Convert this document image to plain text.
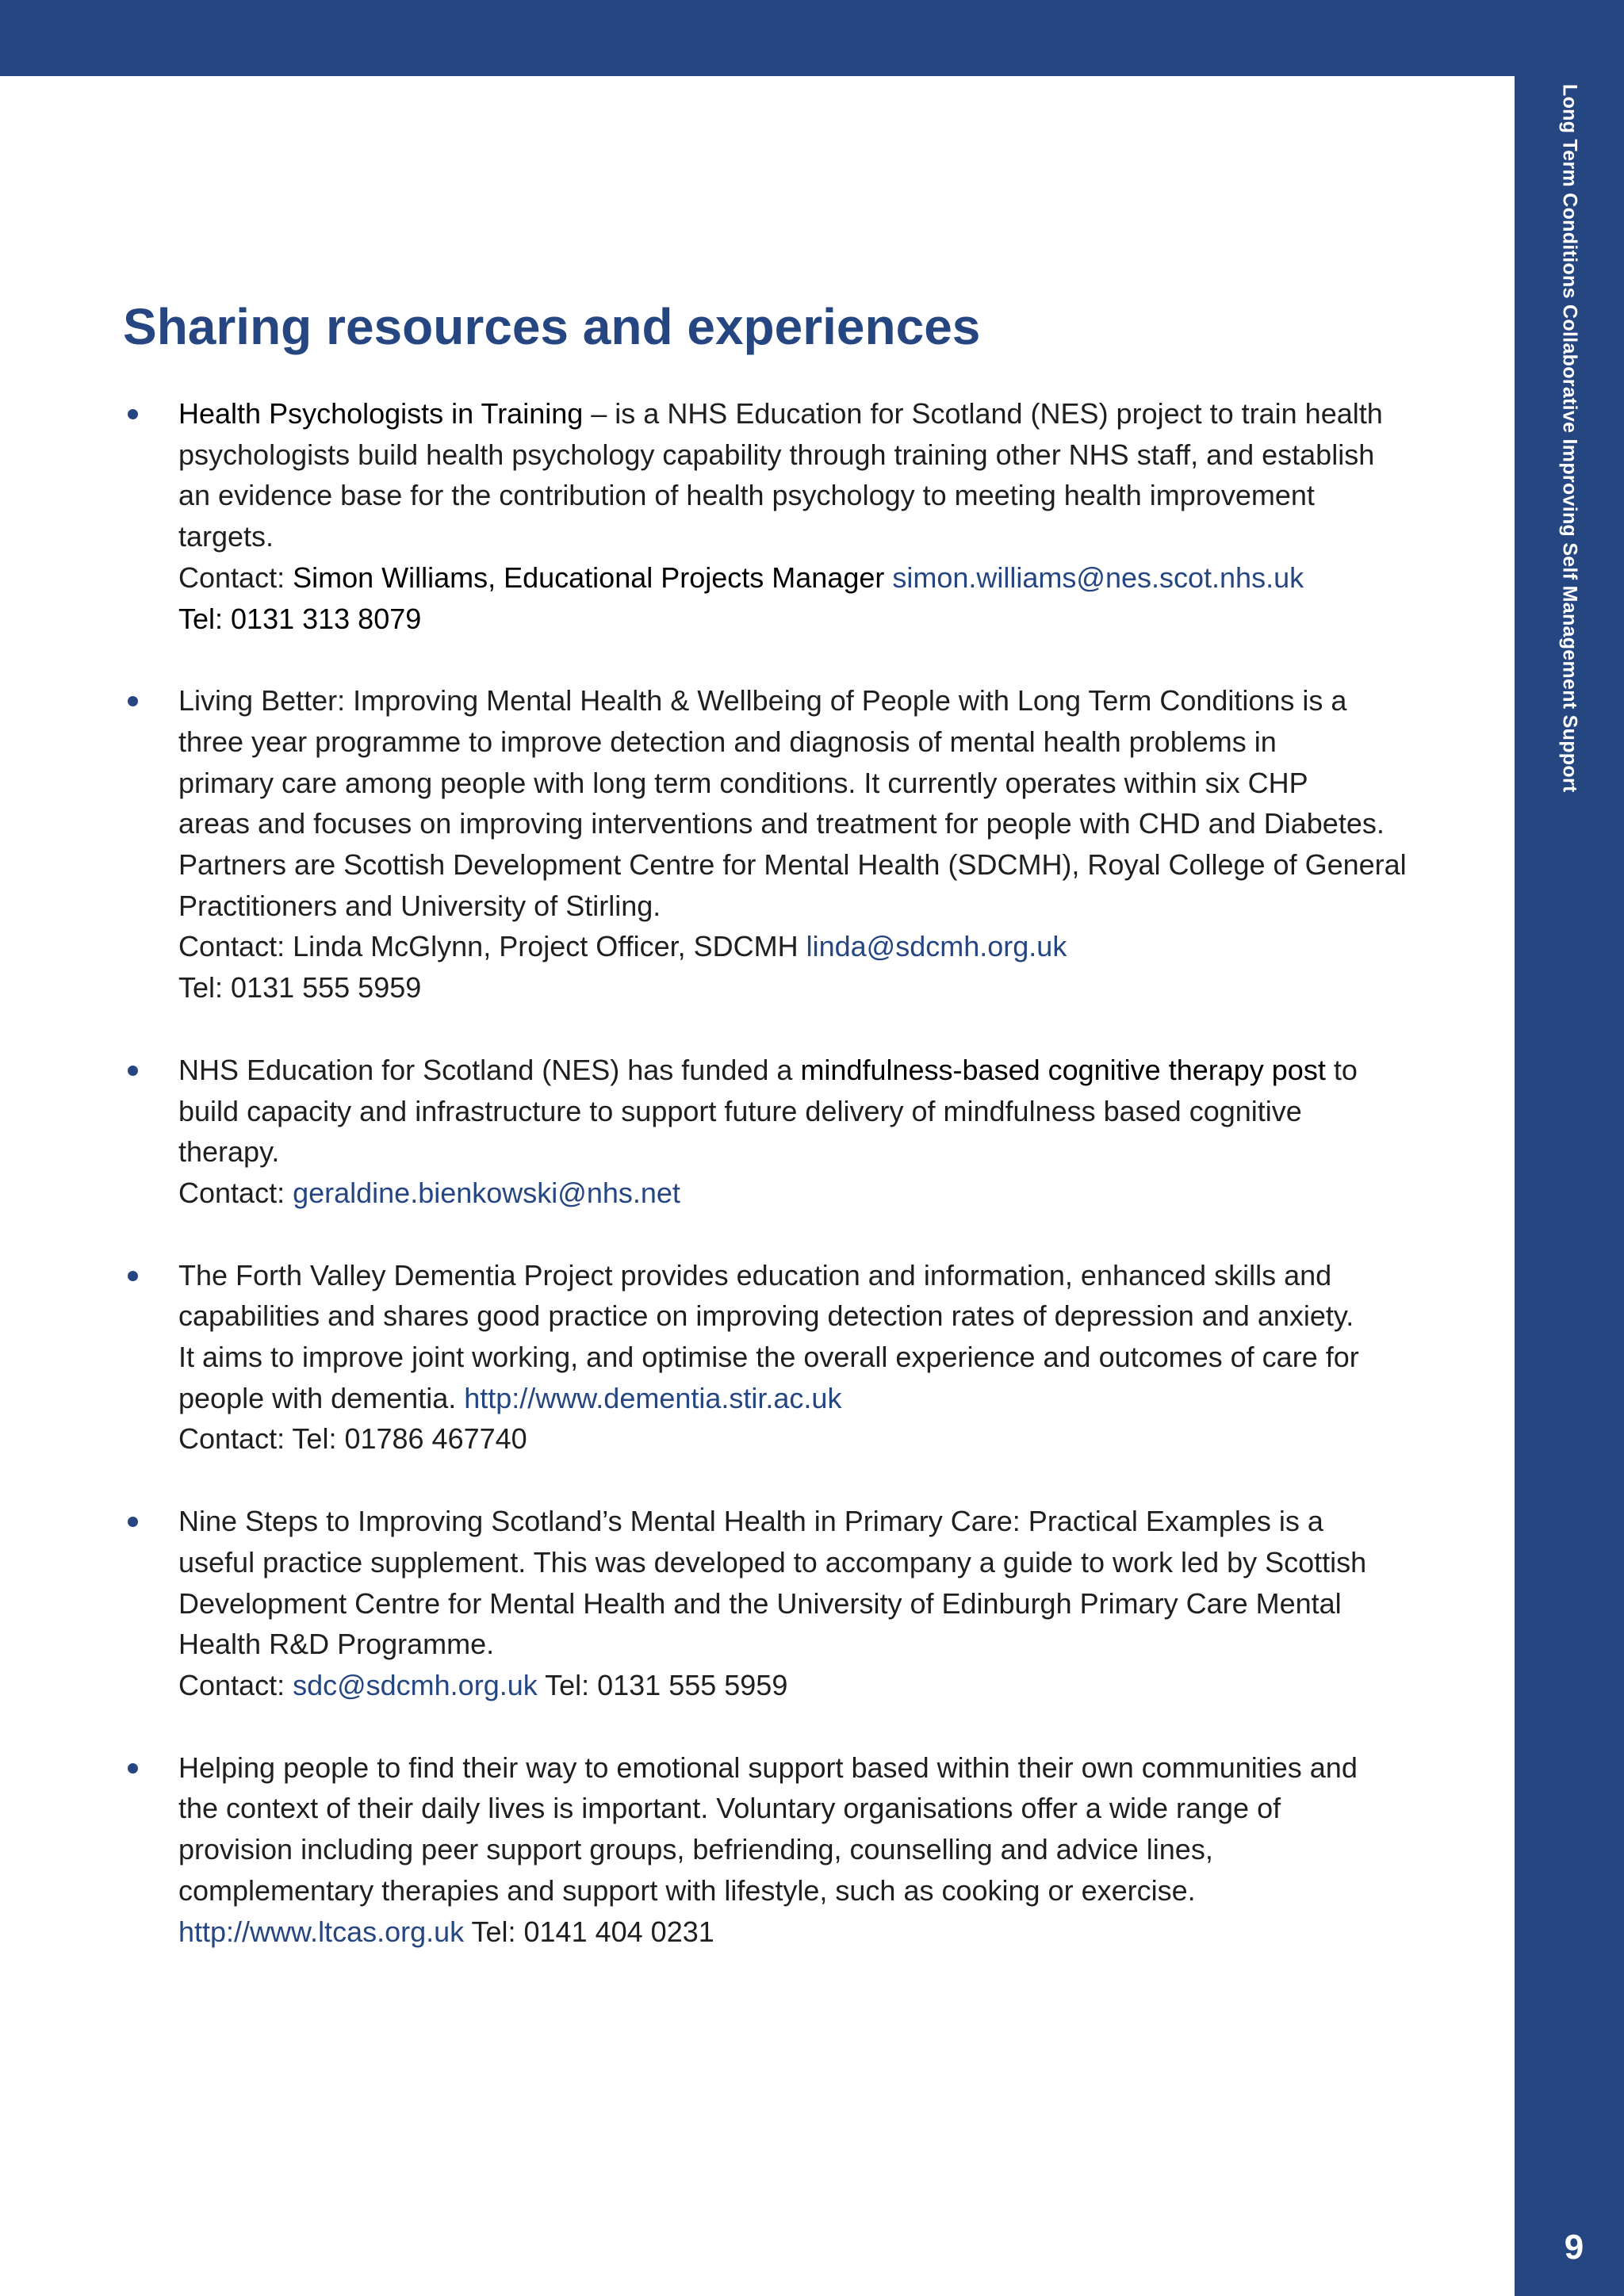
Long Term Conditions Collaborative Improving Self Management Support
9
Sharing resources and experiences
Health Psychologists in Training – is a NHS Education for Scotland (NES) project to train health
psychologists build health psychology capability through training other NHS staff, and establish
an evidence base for the contribution of health psychology to meeting health improvement
targets.
Contact: Simon Williams, Educational Projects Manager simon.williams@nes.scot.nhs.uk
Tel: 0131 313 8079
Living Better: Improving Mental Health & Wellbeing of People with Long Term Conditions is a
three year programme to improve detection and diagnosis of mental health problems in
primary care among people with long term conditions. It currently operates within six CHP
areas and focuses on improving interventions and treatment for people with CHD and Diabetes.
Partners are Scottish Development Centre for Mental Health (SDCMH), Royal College of General
Practitioners and University of Stirling.
Contact: Linda McGlynn, Project Officer, SDCMH linda@sdcmh.org.uk
Tel: 0131 555 5959
NHS Education for Scotland (NES) has funded a mindfulness-based cognitive therapy post to
build capacity and infrastructure to support future delivery of mindfulness based cognitive
therapy.
Contact: geraldine.bienkowski@nhs.net
The Forth Valley Dementia Project provides education and information, enhanced skills and
capabilities and shares good practice on improving detection rates of depression and anxiety.
It aims to improve joint working, and optimise the overall experience and outcomes of care for
people with dementia. http://www.dementia.stir.ac.uk
Contact: Tel: 01786 467740
Nine Steps to Improving Scotland’s Mental Health in Primary Care: Practical Examples is a
useful practice supplement. This was developed to accompany a guide to work led by Scottish
Development Centre for Mental Health and the University of Edinburgh Primary Care Mental
Health R&D Programme.
Contact: sdc@sdcmh.org.uk Tel: 0131 555 5959
Helping people to find their way to emotional support based within their own communities and
the context of their daily lives is important. Voluntary organisations offer a wide range of
provision including peer support groups, befriending, counselling and advice lines,
complementary therapies and support with lifestyle, such as cooking or exercise.
http://www.ltcas.org.uk Tel: 0141 404 0231
